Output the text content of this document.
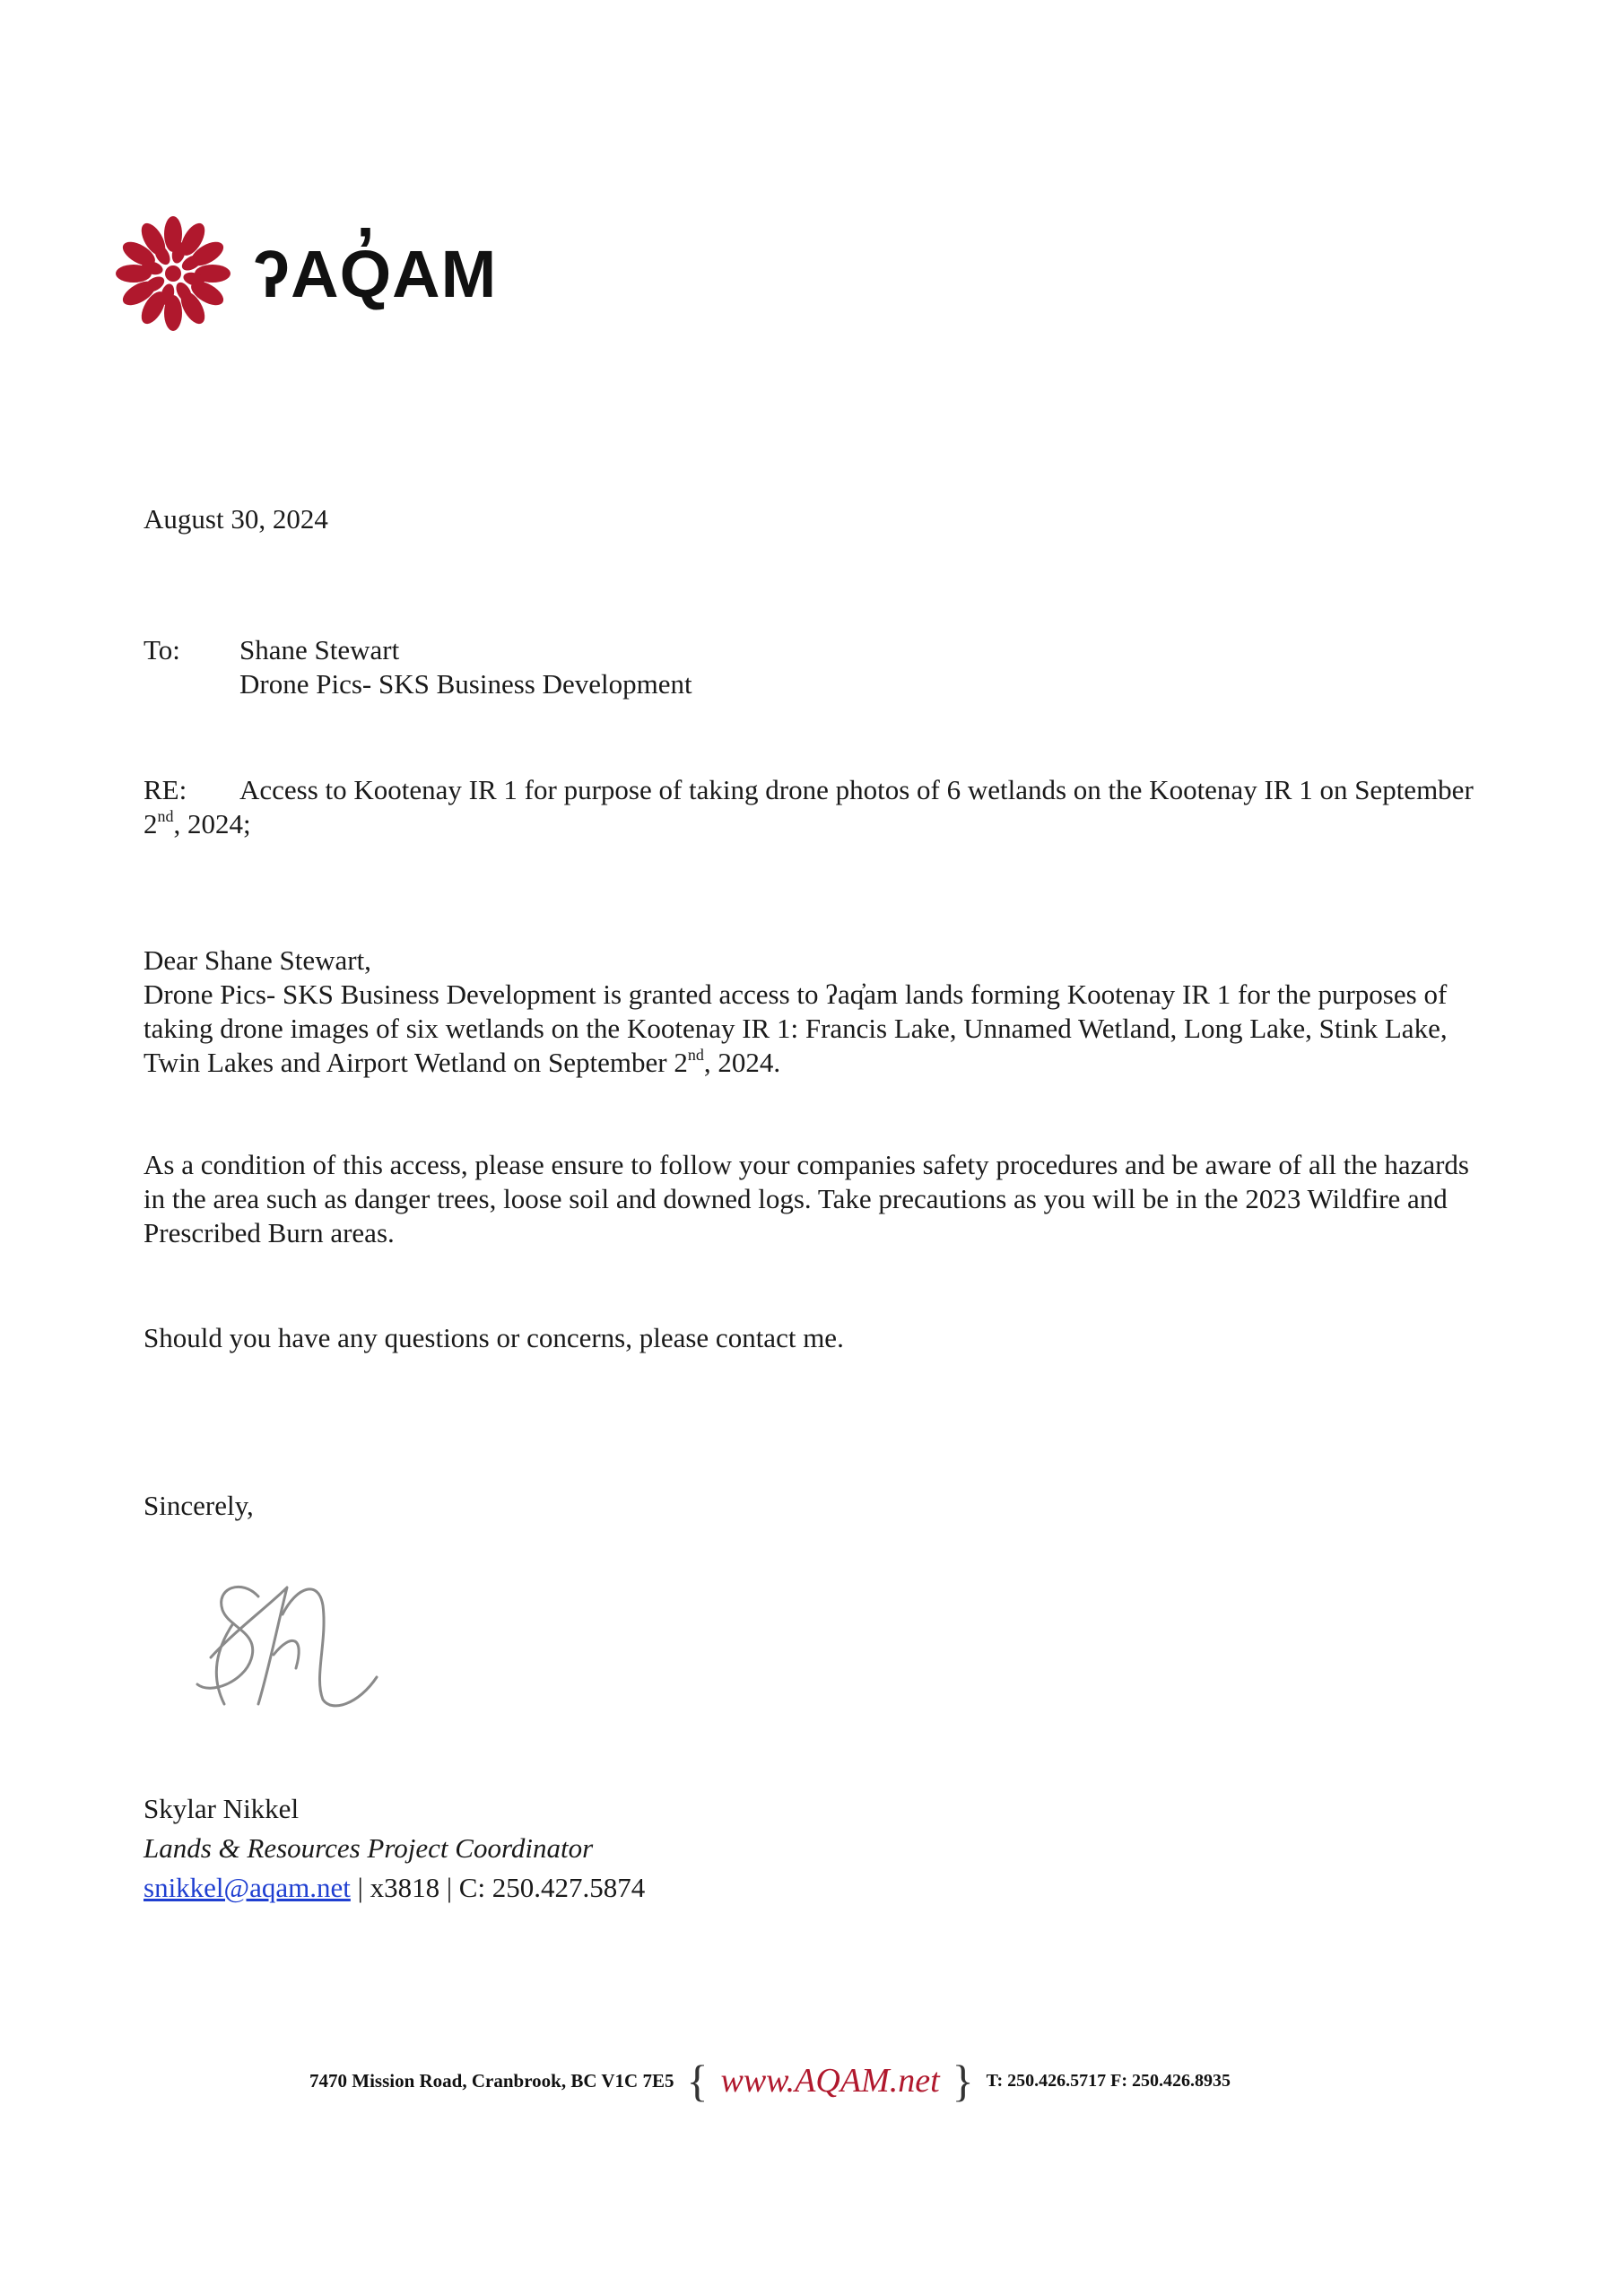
ʔAQ̓AM
August 30, 2024
To: Shane Stewart
Drone Pics- SKS Business Development
RE: Access to Kootenay IR 1 for purpose of taking drone photos of 6 wetlands on the Kootenay IR 1 on September 2nd, 2024;
Dear Shane Stewart,
Drone Pics- SKS Business Development is granted access to ʔaq̓am lands forming Kootenay IR 1 for the purposes of taking drone images of six wetlands on the Kootenay IR 1: Francis Lake, Unnamed Wetland, Long Lake, Stink Lake, Twin Lakes and Airport Wetland on September 2nd, 2024.
As a condition of this access, please ensure to follow your companies safety procedures and be aware of all the hazards in the area such as danger trees, loose soil and downed logs. Take precautions as you will be in the 2023 Wildfire and Prescribed Burn areas.
Should you have any questions or concerns, please contact me.
Sincerely,
Skylar Nikkel
Lands & Resources Project Coordinator
snikkel@aqam.net | x3818 | C: 250.427.5874
7470 Mission Road, Cranbrook, BC V1C 7E5 { www.AQAM.net } T: 250.426.5717 F: 250.426.8935
